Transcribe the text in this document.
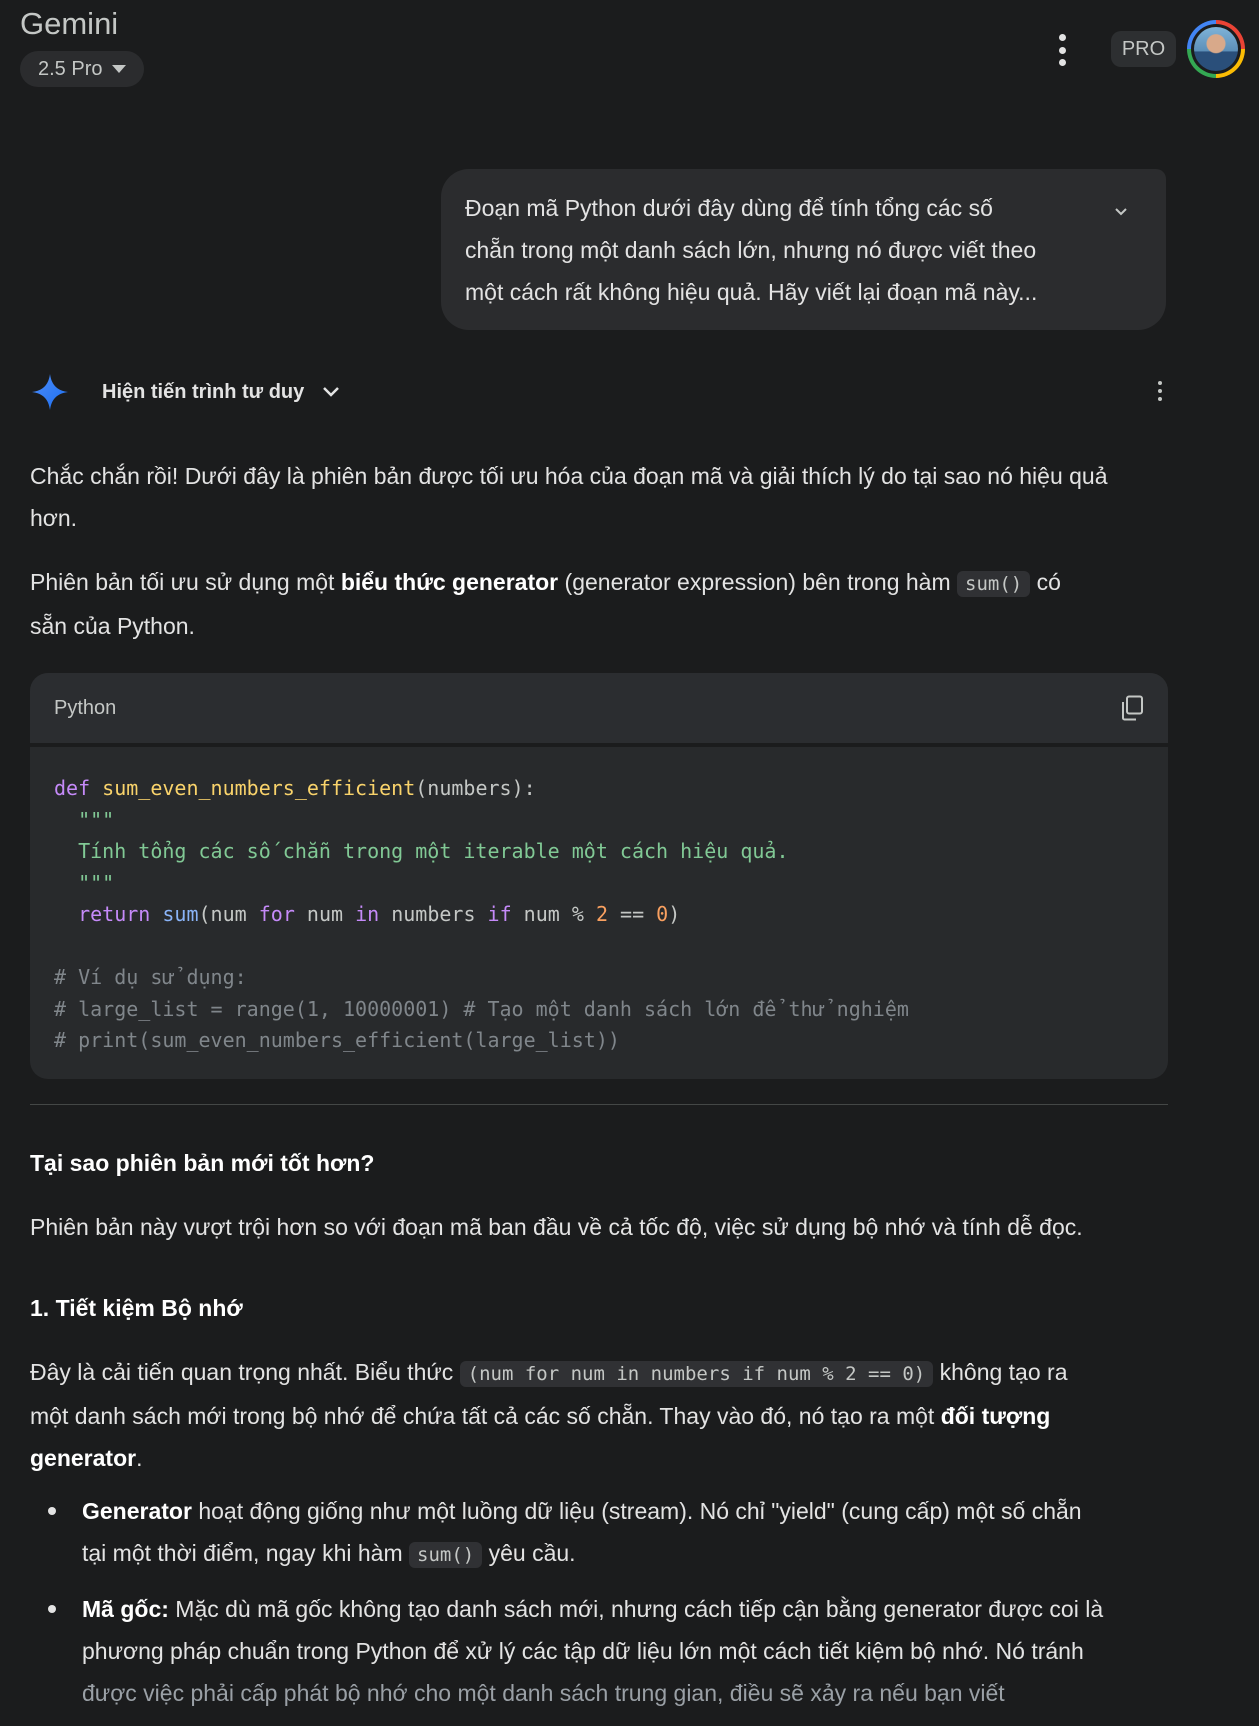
Gemini
2.5 Pro
PRO
Đoạn mã Python dưới đây dùng để tính tổng các số
chẵn trong một danh sách lớn, nhưng nó được viết theo
một cách rất không hiệu quả. Hãy viết lại đoạn mã này...
Hiện tiến trình tư duy

Chắc chắn rồi! Dưới đây là phiên bản được tối ưu hóa của đoạn mã và giải thích lý do tại sao nó hiệu quả
hơn.

Phiên bản tối ưu sử dụng một biểu thức generator (generator expression) bên trong hàm sum() có
sẵn của Python.

Python
def sum_even_numbers_efficient(numbers):
"""
Tính tổng các số chẵn trong một iterable một cách hiệu quả.
"""
return sum(num for num in numbers if num % 2 == 0)

# Ví dụ sử dụng:
# large_list = range(1, 10000001) # Tạo một danh sách lớn để thử nghiệm
# print(sum_even_numbers_efficient(large_list))
Tại sao phiên bản mới tốt hơn?

Phiên bản này vượt trội hơn so với đoạn mã ban đầu về cả tốc độ, việc sử dụng bộ nhớ và tính dễ đọc.

1. Tiết kiệm Bộ nhớ

Đây là cải tiến quan trọng nhất. Biểu thức (num for num in numbers if num % 2 == 0) không tạo ra
một danh sách mới trong bộ nhớ để chứa tất cả các số chẵn. Thay vào đó, nó tạo ra một đối tượng
generator.

Generator hoạt động giống như một luồng dữ liệu (stream). Nó chỉ "yield" (cung cấp) một số chẵn
tại một thời điểm, ngay khi hàm sum() yêu cầu.
Mã gốc: Mặc dù mã gốc không tạo danh sách mới, nhưng cách tiếp cận bằng generator được coi là
phương pháp chuẩn trong Python để xử lý các tập dữ liệu lớn một cách tiết kiệm bộ nhớ. Nó tránh
được việc phải cấp phát bộ nhớ cho một danh sách trung gian, điều sẽ xảy ra nếu bạn viết
